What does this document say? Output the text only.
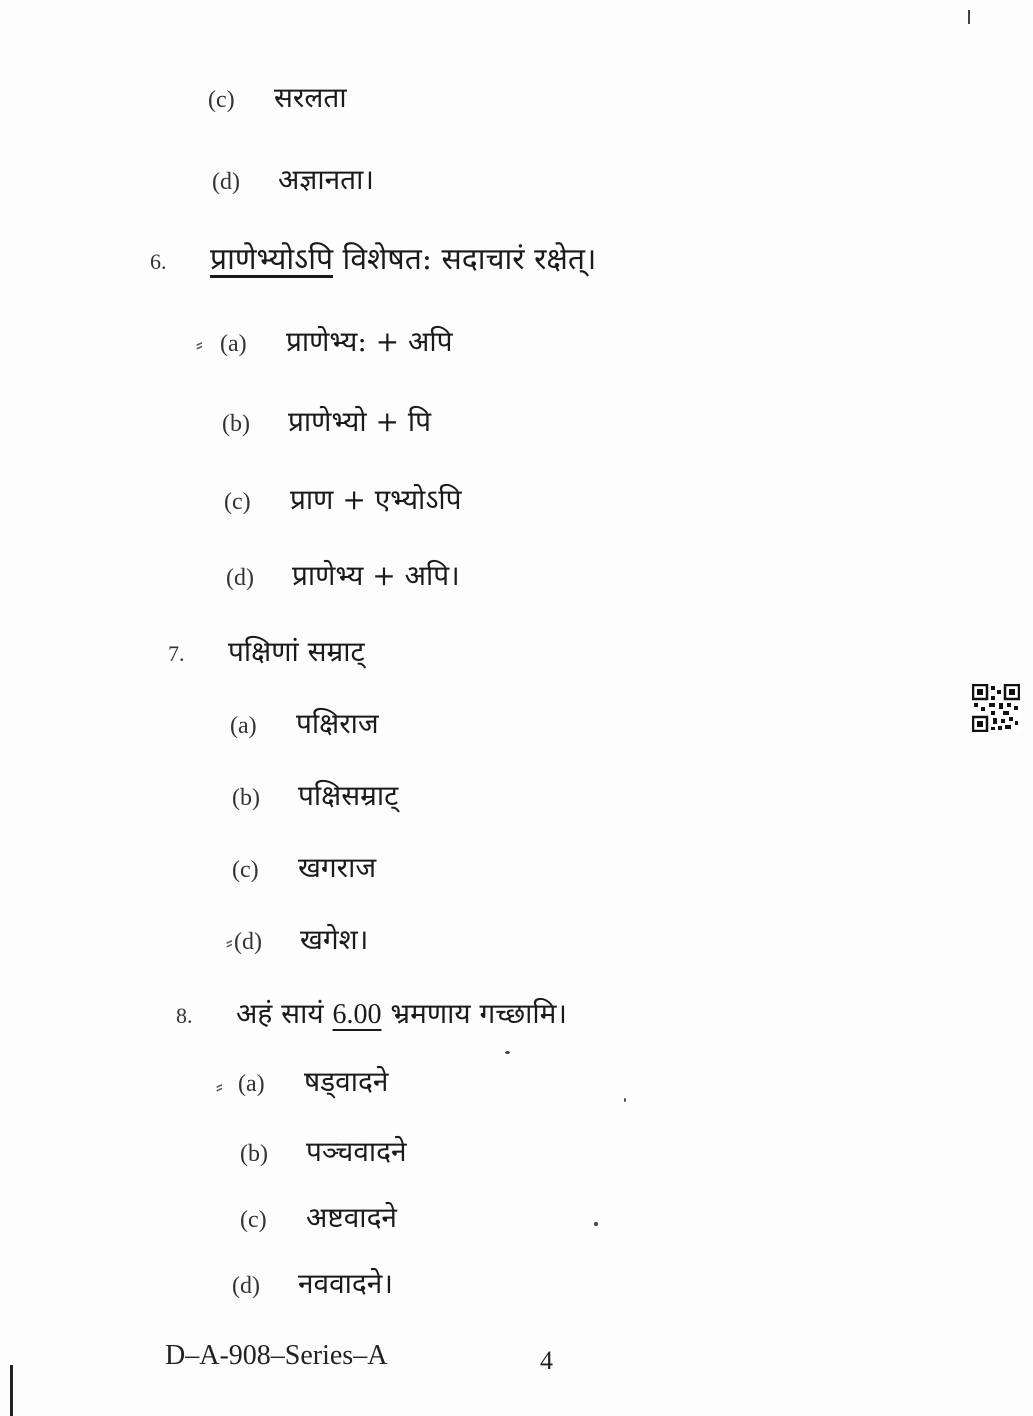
(c) सरलता
(d) अज्ञानता।
6. प्राणेभ्योऽपि विशेषत: सदाचारं रक्षेत्।
⸗ (a) प्राणेभ्य: + अपि
(b) प्राणेभ्यो + पि
(c) प्राण + एभ्योऽपि
(d) प्राणेभ्य + अपि।
7. पक्षिणां सम्राट्
(a) पक्षिराज
(b) पक्षिसम्राट्
(c) खगराज
⸗ (d) खगेश।
8. अहं सायं 6.00 भ्रमणाय गच्छामि।
⸗ (a) षड्वादने
(b) पञ्चवादने
(c) अष्टवादने
(d) नववादने।
D–A-908–Series–A	4
